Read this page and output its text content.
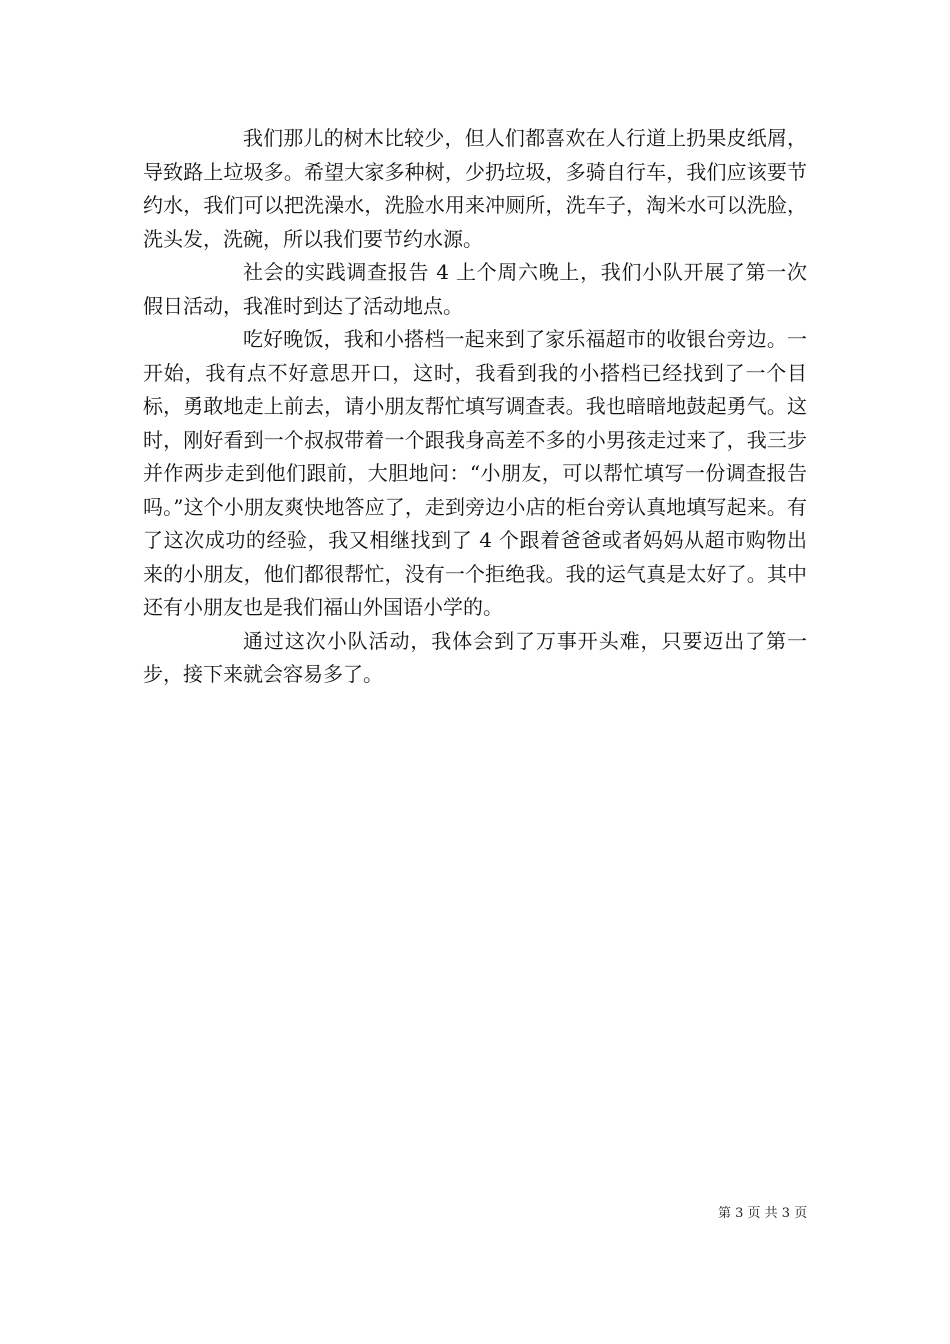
我们那儿的树木比较少，但人们都喜欢在人行道上扔果皮纸屑，导致路上垃圾多。希望大家多种树，少扔垃圾，多骑自行车，我们应该要节约水，我们可以把洗澡水，洗脸水用来冲厕所，洗车子，淘米水可以洗脸，洗头发，洗碗，所以我们要节约水源。

社会的实践调查报告 4 上个周六晚上，我们小队开展了第一次假日活动，我准时到达了活动地点。

吃好晚饭，我和小搭档一起来到了家乐福超市的收银台旁边。一开始，我有点不好意思开口，这时，我看到我的小搭档已经找到了一个目标，勇敢地走上前去，请小朋友帮忙填写调查表。我也暗暗地鼓起勇气。这时，刚好看到一个叔叔带着一个跟我身高差不多的小男孩走过来了，我三步并作两步走到他们跟前，大胆地问：“小朋友，可以帮忙填写一份调查报告吗。”这个小朋友爽快地答应了，走到旁边小店的柜台旁认真地填写起来。有了这次成功的经验，我又相继找到了 4 个跟着爸爸或者妈妈从超市购物出来的小朋友，他们都很帮忙，没有一个拒绝我。我的运气真是太好了。其中还有小朋友也是我们福山外国语小学的。

通过这次小队活动，我体会到了万事开头难，只要迈出了第一步，接下来就会容易多了。

第 3 页 共 3 页
